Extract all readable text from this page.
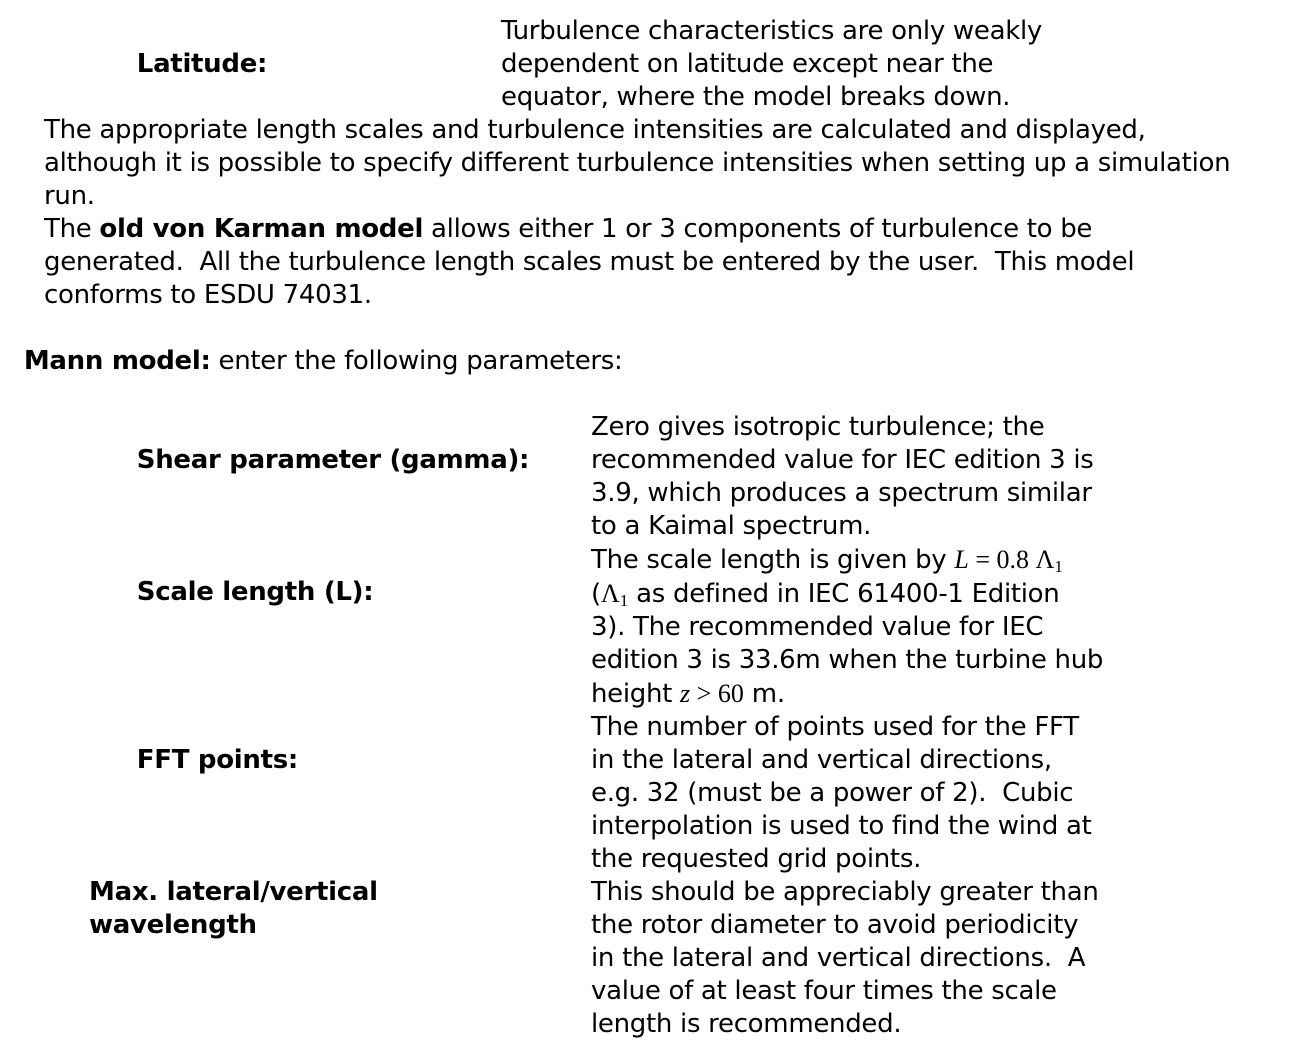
Latitude:

Turbulence characteristics are only weakly
dependent on latitude except near the
equator, where the model breaks down.
The appropriate length scales and turbulence intensities are calculated and displayed,
although it is possible to specify different turbulence intensities when setting up a simulation
run.
The old von Karman model allows either 1 or 3 components of turbulence to be
generated.  All the turbulence length scales must be entered by the user.  This model
conforms to ESDU 74031.

Mann model: enter the following parameters:

Shear parameter (gamma):

Zero gives isotropic turbulence; the
recommended value for IEC edition 3 is
3.9, which produces a spectrum similar
to a Kaimal spectrum.

Scale length (L):

The scale length is given by L = 0.8 Λ1
(Λ1 as defined in IEC 61400-1 Edition
3). The recommended value for IEC
edition 3 is 33.6m when the turbine hub
height z > 60 m.

FFT points:

The number of points used for the FFT
in the lateral and vertical directions,
e.g. 32 (must be a power of 2).  Cubic
interpolation is used to find the wind at
the requested grid points.
Max. lateral/vertical
wavelength
This should be appreciably greater than
the rotor diameter to avoid periodicity
in the lateral and vertical directions.  A
value of at least four times the scale
length is recommended.
